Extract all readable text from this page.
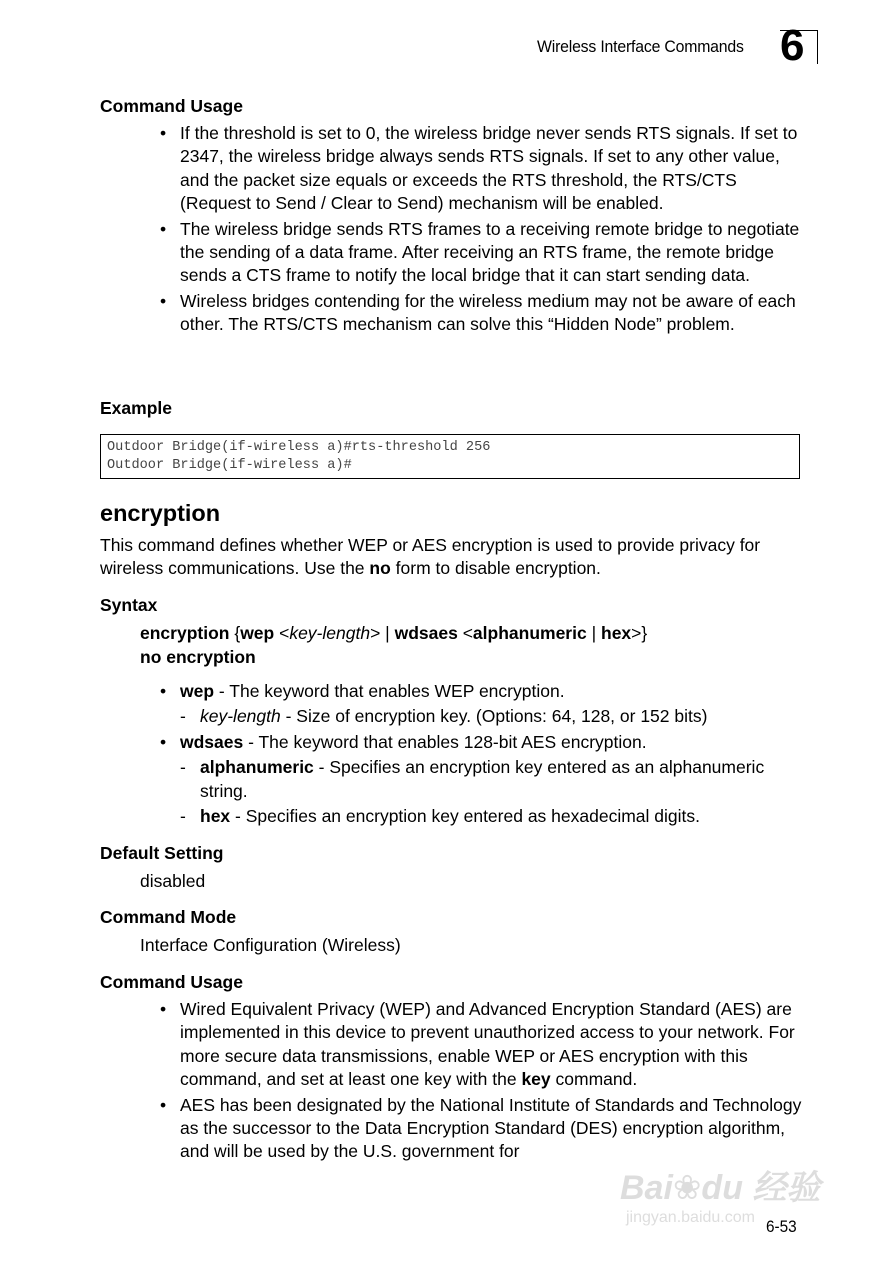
Wireless Interface Commands 6
Command Usage
• If the threshold is set to 0, the wireless bridge never sends RTS signals. If set to 2347, the wireless bridge always sends RTS signals. If set to any other value, and the packet size equals or exceeds the RTS threshold, the RTS/CTS (Request to Send / Clear to Send) mechanism will be enabled.
• The wireless bridge sends RTS frames to a receiving remote bridge to negotiate the sending of a data frame. After receiving an RTS frame, the remote bridge sends a CTS frame to notify the local bridge that it can start sending data.
• Wireless bridges contending for the wireless medium may not be aware of each other. The RTS/CTS mechanism can solve this “Hidden Node” problem.
Example
Outdoor Bridge(if-wireless a)#rts-threshold 256
Outdoor Bridge(if-wireless a)#
encryption
This command defines whether WEP or AES encryption is used to provide privacy for wireless communications. Use the no form to disable encryption.
Syntax
encryption {wep <key-length> | wdsaes <alphanumeric | hex>}
no encryption
• wep - The keyword that enables WEP encryption.
- key-length - Size of encryption key. (Options: 64, 128, or 152 bits)
• wdsaes - The keyword that enables 128-bit AES encryption.
- alphanumeric - Specifies an encryption key entered as an alphanumeric string.
- hex - Specifies an encryption key entered as hexadecimal digits.
Default Setting
disabled
Command Mode
Interface Configuration (Wireless)
Command Usage
• Wired Equivalent Privacy (WEP) and Advanced Encryption Standard (AES) are implemented in this device to prevent unauthorized access to your network. For more secure data transmissions, enable WEP or AES encryption with this command, and set at least one key with the key command.
• AES has been designated by the National Institute of Standards and Technology as the successor to the Data Encryption Standard (DES) encryption algorithm, and will be used by the U.S. government for
Bai❀du 经验
jingyan.baidu.com
6-53
